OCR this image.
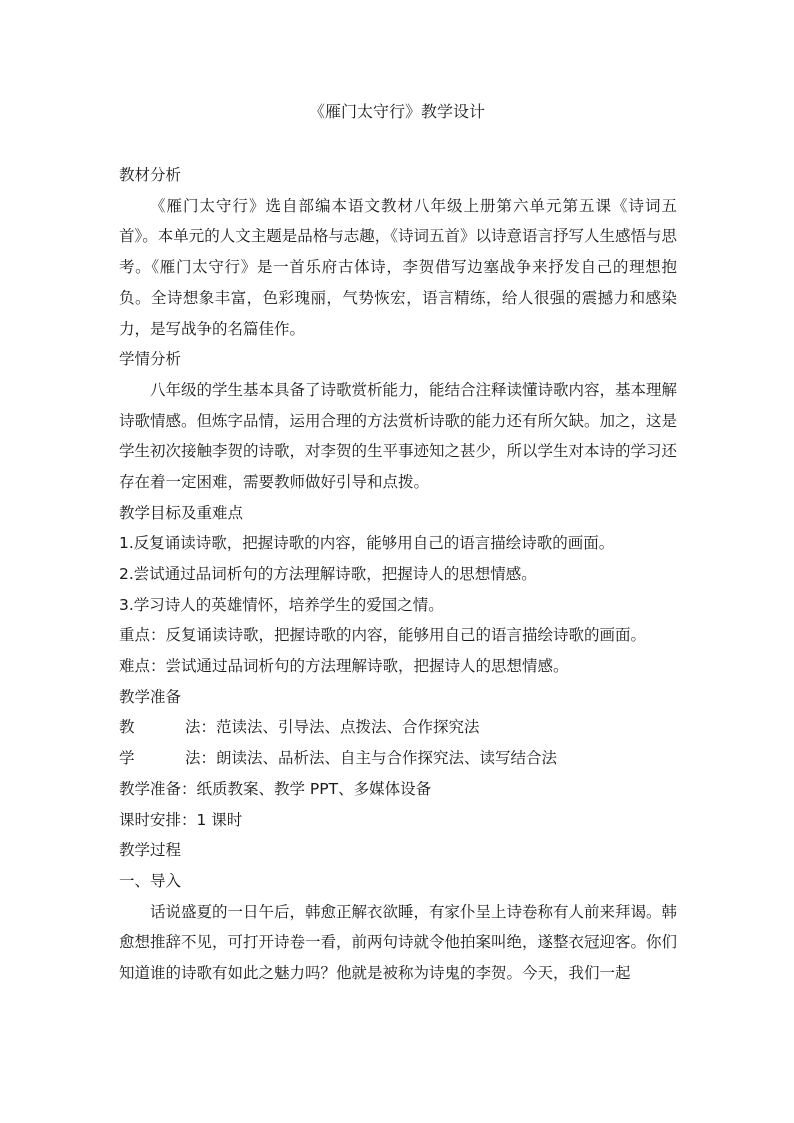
《雁门太守行》教学设计

教材分析

《雁门太守行》选自部编本语文教材八年级上册第六单元第五课《诗词五首》。本单元的人文主题是品格与志趣，《诗词五首》以诗意语言抒写人生感悟与思考。《雁门太守行》是一首乐府古体诗，李贺借写边塞战争来抒发自己的理想抱负。全诗想象丰富，色彩瑰丽，气势恢宏，语言精练，给人很强的震撼力和感染力，是写战争的名篇佳作。

学情分析

八年级的学生基本具备了诗歌赏析能力，能结合注释读懂诗歌内容，基本理解诗歌情感。但炼字品情，运用合理的方法赏析诗歌的能力还有所欠缺。加之，这是学生初次接触李贺的诗歌，对李贺的生平事迹知之甚少，所以学生对本诗的学习还存在着一定困难，需要教师做好引导和点拨。

教学目标及重难点

1.反复诵读诗歌，把握诗歌的内容，能够用自己的语言描绘诗歌的画面。

2.尝试通过品词析句的方法理解诗歌，把握诗人的思想情感。

3.学习诗人的英雄情怀，培养学生的爱国之情。

重点：反复诵读诗歌，把握诗歌的内容，能够用自己的语言描绘诗歌的画面。

难点：尝试通过品词析句的方法理解诗歌，把握诗人的思想情感。

教学准备

教	法：范读法、引导法、点拨法、合作探究法

学	法：朗读法、品析法、自主与合作探究法、读写结合法

教学准备：纸质教案、教学 PPT、多媒体设备

课时安排：1 课时

教学过程

一、导入

话说盛夏的一日午后，韩愈正解衣欲睡，有家仆呈上诗卷称有人前来拜谒。韩愈想推辞不见，可打开诗卷一看，前两句诗就令他拍案叫绝，遂整衣冠迎客。你们知道谁的诗歌有如此之魅力吗？他就是被称为诗鬼的李贺。今天，我们一起
